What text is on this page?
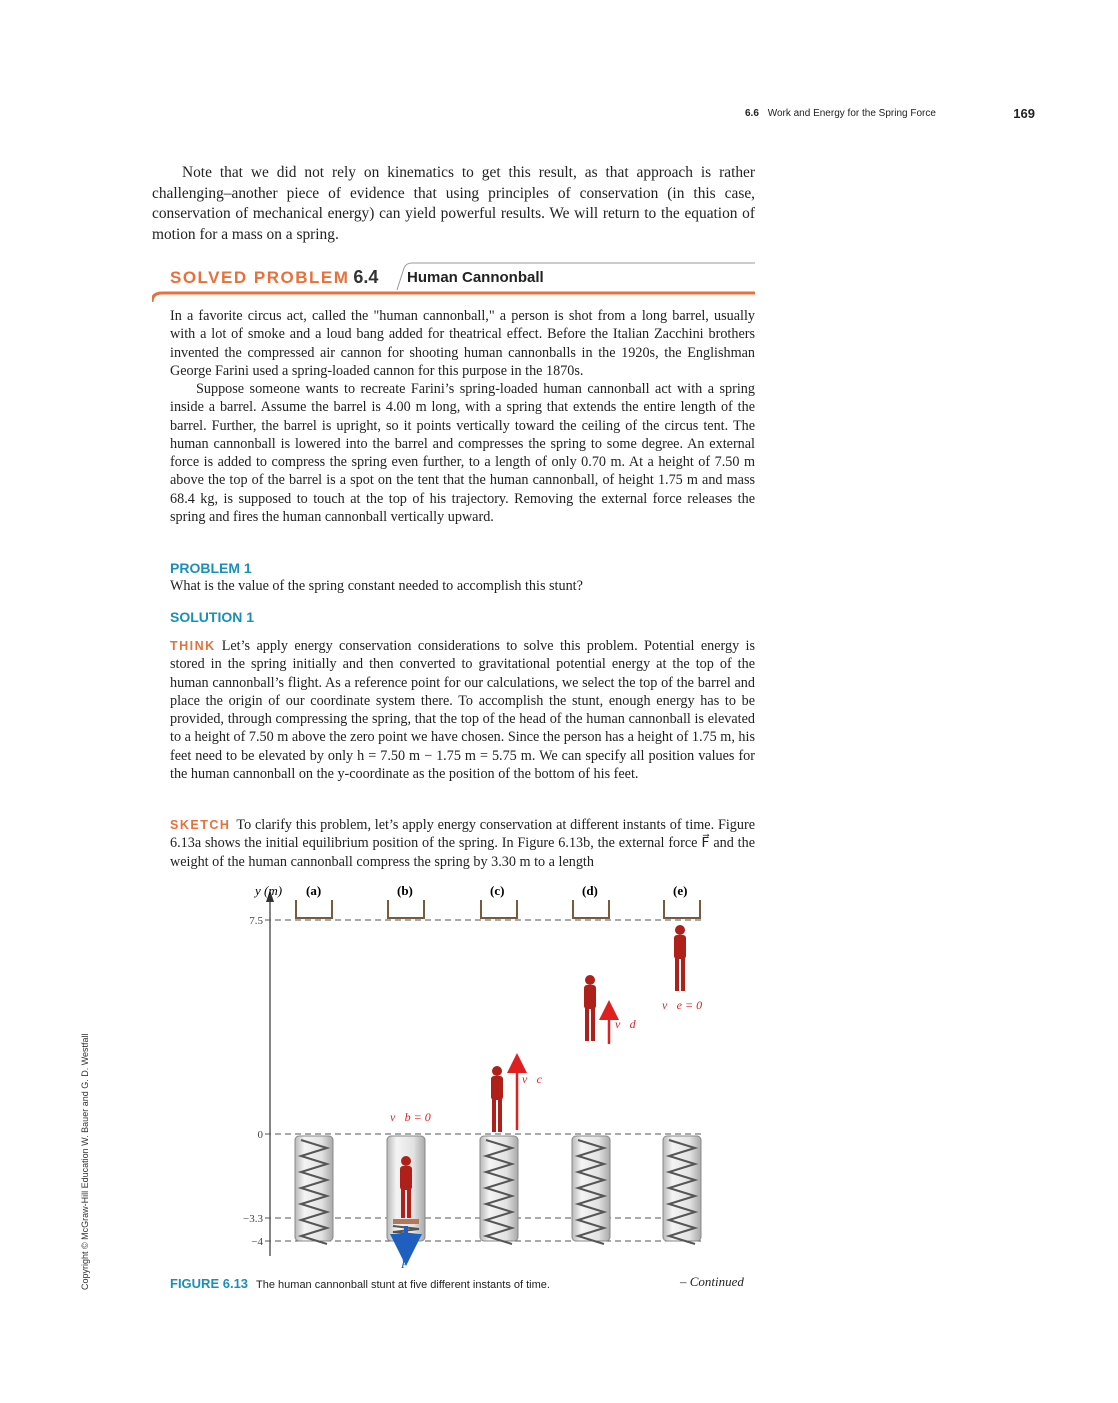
6.6 Work and Energy for the Spring Force	169

Note that we did not rely on kinematics to get this result, as that approach is rather challenging–another piece of evidence that using principles of conservation (in this case, conservation of mechanical energy) can yield powerful results. We will return to the equation of motion for a mass on a spring.

SOLVED PROBLEM 6.4 Human Cannonball

In a favorite circus act, called the "human cannonball," a person is shot from a long barrel, usually with a lot of smoke and a loud bang added for theatrical effect. Before the Italian Zacchini brothers invented the compressed air cannon for shooting human cannonballs in the 1920s, the Englishman George Farini used a spring-loaded cannon for this purpose in the 1870s.

Suppose someone wants to recreate Farini’s spring-loaded human cannonball act with a spring inside a barrel. Assume the barrel is 4.00 m long, with a spring that extends the entire length of the barrel. Further, the barrel is upright, so it points vertically toward the ceiling of the circus tent. The human cannonball is lowered into the barrel and compresses the spring to some degree. An external force is added to compress the spring even further, to a length of only 0.70 m. At a height of 7.50 m above the top of the barrel is a spot on the tent that the human cannonball, of height 1.75 m and mass 68.4 kg, is supposed to touch at the top of his trajectory. Removing the external force releases the spring and fires the human cannonball vertically upward.

PROBLEM 1

What is the value of the spring constant needed to accomplish this stunt?

SOLUTION 1

THINK Let’s apply energy conservation considerations to solve this problem. Potential energy is stored in the spring initially and then converted to gravitational potential energy at the top of the human cannonball’s flight. As a reference point for our calculations, we select the top of the barrel and place the origin of our coordinate system there. To accomplish the stunt, enough energy has to be provided, through compressing the spring, that the top of the head of the human cannonball is elevated to a height of 7.50 m above the zero point we have chosen. Since the person has a height of 1.75 m, his feet need to be elevated by only h = 7.50 m − 1.75 m = 5.75 m. We can specify all position values for the human cannonball on the y-coordinate as the position of the bottom of his feet.

SKETCH To clarify this problem, let’s apply energy conservation at different instants of time. Figure 6.13a shows the initial equilibrium position of the spring. In Figure 6.13b, the external force F⃗ and the weight of the human cannonball compress the spring by 3.30 m to a length

Copyright © McGraw-Hill Education W. Bauer and G. D. Westfall
y (m)
7.5
0
−3.3
−4
(a)	(b)	(c)	(d)	(e)
v⃗b = 0
v⃗c
v⃗d
v⃗e = 0
F⃗
FIGURE 6.13 The human cannonball stunt at five different instants of time.	– Continued
